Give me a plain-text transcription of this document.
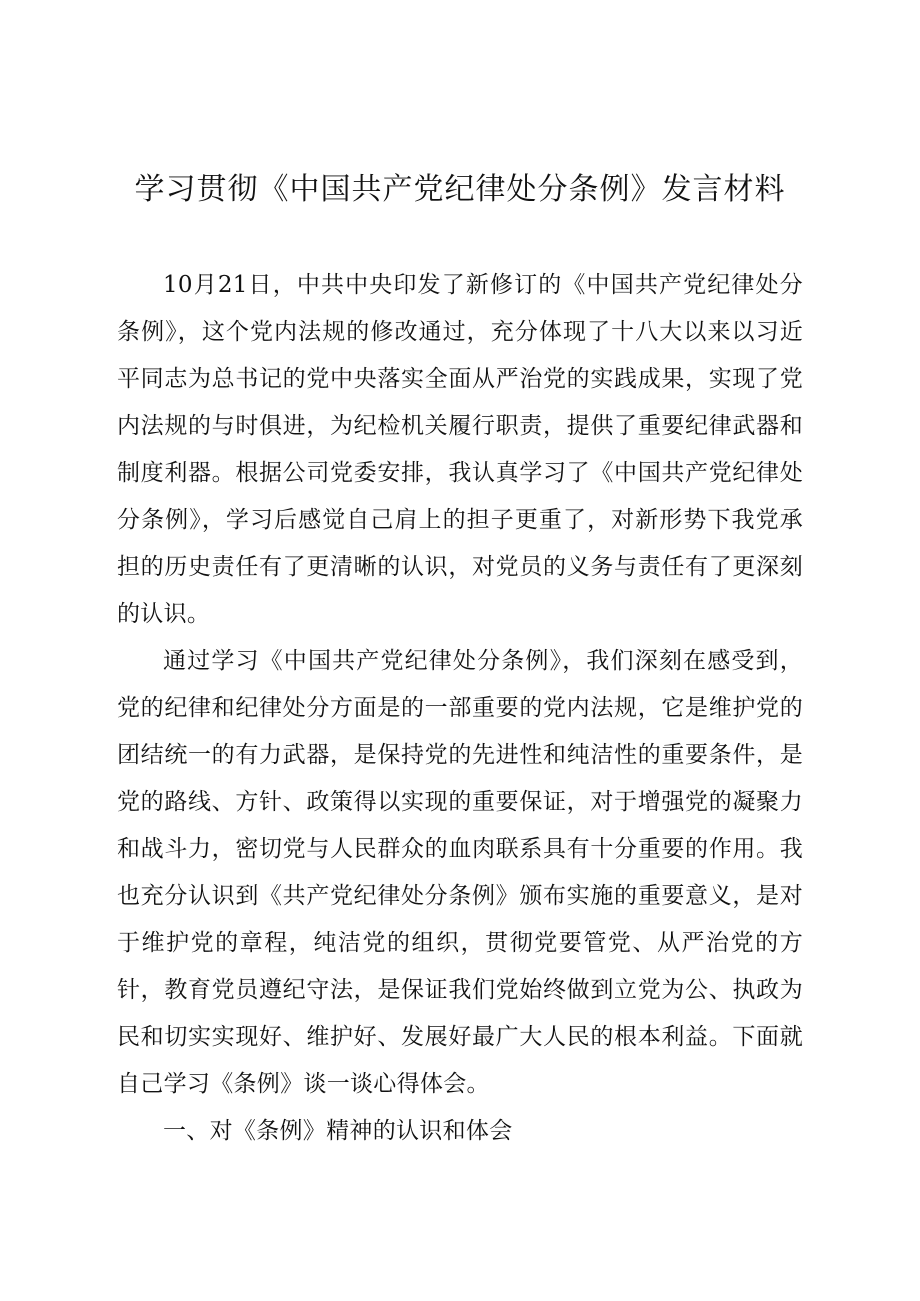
学习贯彻《中国共产党纪律处分条例》发言材料

10月21日，中共中央印发了新修订的《中国共产党纪律处分条例》，这个党内法规的修改通过，充分体现了十八大以来以习近平同志为总书记的党中央落实全面从严治党的实践成果，实现了党内法规的与时俱进，为纪检机关履行职责，提供了重要纪律武器和制度利器。根据公司党委安排，我认真学习了《中国共产党纪律处分条例》，学习后感觉自己肩上的担子更重了，对新形势下我党承担的历史责任有了更清晰的认识，对党员的义务与责任有了更深刻的认识。

通过学习《中国共产党纪律处分条例》，我们深刻在感受到，党的纪律和纪律处分方面是的一部重要的党内法规，它是维护党的团结统一的有力武器，是保持党的先进性和纯洁性的重要条件，是党的路线、方针、政策得以实现的重要保证，对于增强党的凝聚力和战斗力，密切党与人民群众的血肉联系具有十分重要的作用。我也充分认识到《共产党纪律处分条例》颁布实施的重要意义，是对于维护党的章程，纯洁党的组织，贯彻党要管党、从严治党的方针，教育党员遵纪守法，是保证我们党始终做到立党为公、执政为民和切实实现好、维护好、发展好最广大人民的根本利益。下面就自己学习《条例》谈一谈心得体会。

一、对《条例》精神的认识和体会
